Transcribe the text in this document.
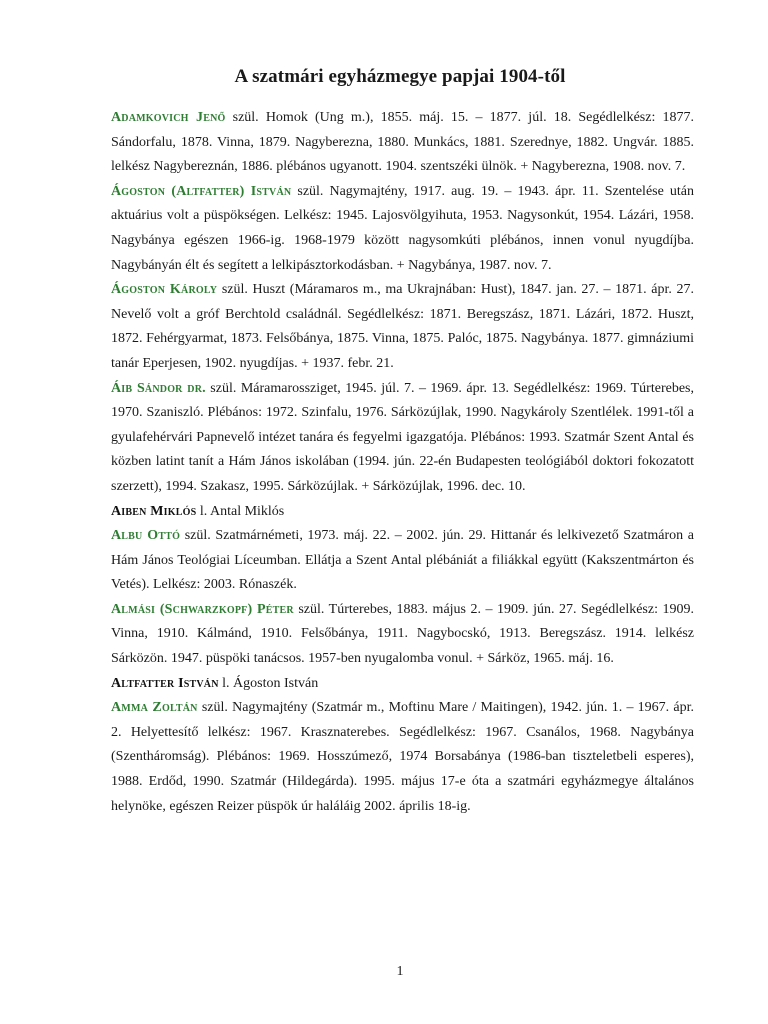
A szatmári egyházmegye papjai 1904-től

Adamkovich Jenő szül. Homok (Ung m.), 1855. máj. 15. – 1877. júl. 18. Segédlelkész: 1877. Sándorfalu, 1878. Vinna, 1879. Nagyberezna, 1880. Munkács, 1881. Szerednye, 1882. Ungvár. 1885. lelkész Nagybereznán, 1886. plébános ugyanott. 1904. szentszéki ülnök. + Nagyberezna, 1908. nov. 7.

Ágoston (Altfatter) István szül. Nagymajtény, 1917. aug. 19. – 1943. ápr. 11. Szentelése után aktuárius volt a püspökségen. Lelkész: 1945. Lajosvölgyihuta, 1953. Nagysonkút, 1954. Lázári, 1958. Nagybánya egészen 1966-ig. 1968-1979 között nagysomkúti plébános, innen vonul nyugdíjba. Nagybányán élt és segített a lelkipásztorkodásban. + Nagybánya, 1987. nov. 7.

Ágoston Károly szül. Huszt (Máramaros m., ma Ukrajnában: Hust), 1847. jan. 27. – 1871. ápr. 27. Nevelő volt a gróf Berchtold családnál. Segédlelkész: 1871. Beregszász, 1871. Lázári, 1872. Huszt, 1872. Fehérgyarmat, 1873. Felsőbánya, 1875. Vinna, 1875. Palóc, 1875. Nagybánya. 1877. gimnáziumi tanár Eperjesen, 1902. nyugdíjas. + 1937. febr. 21.

Áib Sándor dr. szül. Máramarossziget, 1945. júl. 7. – 1969. ápr. 13. Segédlelkész: 1969. Túrterebes, 1970. Szaniszló. Plébános: 1972. Szinfalu, 1976. Sárközújlak, 1990. Nagykároly Szentlélek. 1991-től a gyulafehérvári Papnevelő intézet tanára és fegyelmi igazgatója. Plébános: 1993. Szatmár Szent Antal és közben latint tanít a Hám János iskolában (1994. jún. 22-én Budapesten teológiából doktori fokozatott szerzett), 1994. Szakasz, 1995. Sárközújlak. + Sárközújlak, 1996. dec. 10.

Aiben Miklós l. Antal Miklós

Albu Ottó szül. Szatmárnémeti, 1973. máj. 22. – 2002. jún. 29. Hittanár és lelkivezető Szatmáron a Hám János Teológiai Líceumban. Ellátja a Szent Antal plébániát a filiákkal együtt (Kakszentmárton és Vetés). Lelkész: 2003. Rónaszék.

Almási (Schwarzkopf) Péter szül. Túrterebes, 1883. május 2. – 1909. jún. 27. Segédlelkész: 1909. Vinna, 1910. Kálmánd, 1910. Felsőbánya, 1911. Nagybocskó, 1913. Beregszász. 1914. lelkész Sárközön. 1947. püspöki tanácsos. 1957-ben nyugalomba vonul. + Sárköz, 1965. máj. 16.

Altfatter István l. Ágoston István

Amma Zoltán szül. Nagymajtény (Szatmár m., Moftinu Mare / Maitingen), 1942. jún. 1. – 1967. ápr. 2. Helyettesítő lelkész: 1967. Krasznaterebes. Segédlelkész: 1967. Csanálos, 1968. Nagybánya (Szentháromság). Plébános: 1969. Hosszúmező, 1974 Borsabánya (1986-ban tiszteletbeli esperes), 1988. Erdőd, 1990. Szatmár (Hildegárda). 1995. május 17-e óta a szatmári egyházmegye általános helynöke, egészen Reizer püspök úr haláláig 2002. április 18-ig.

1
